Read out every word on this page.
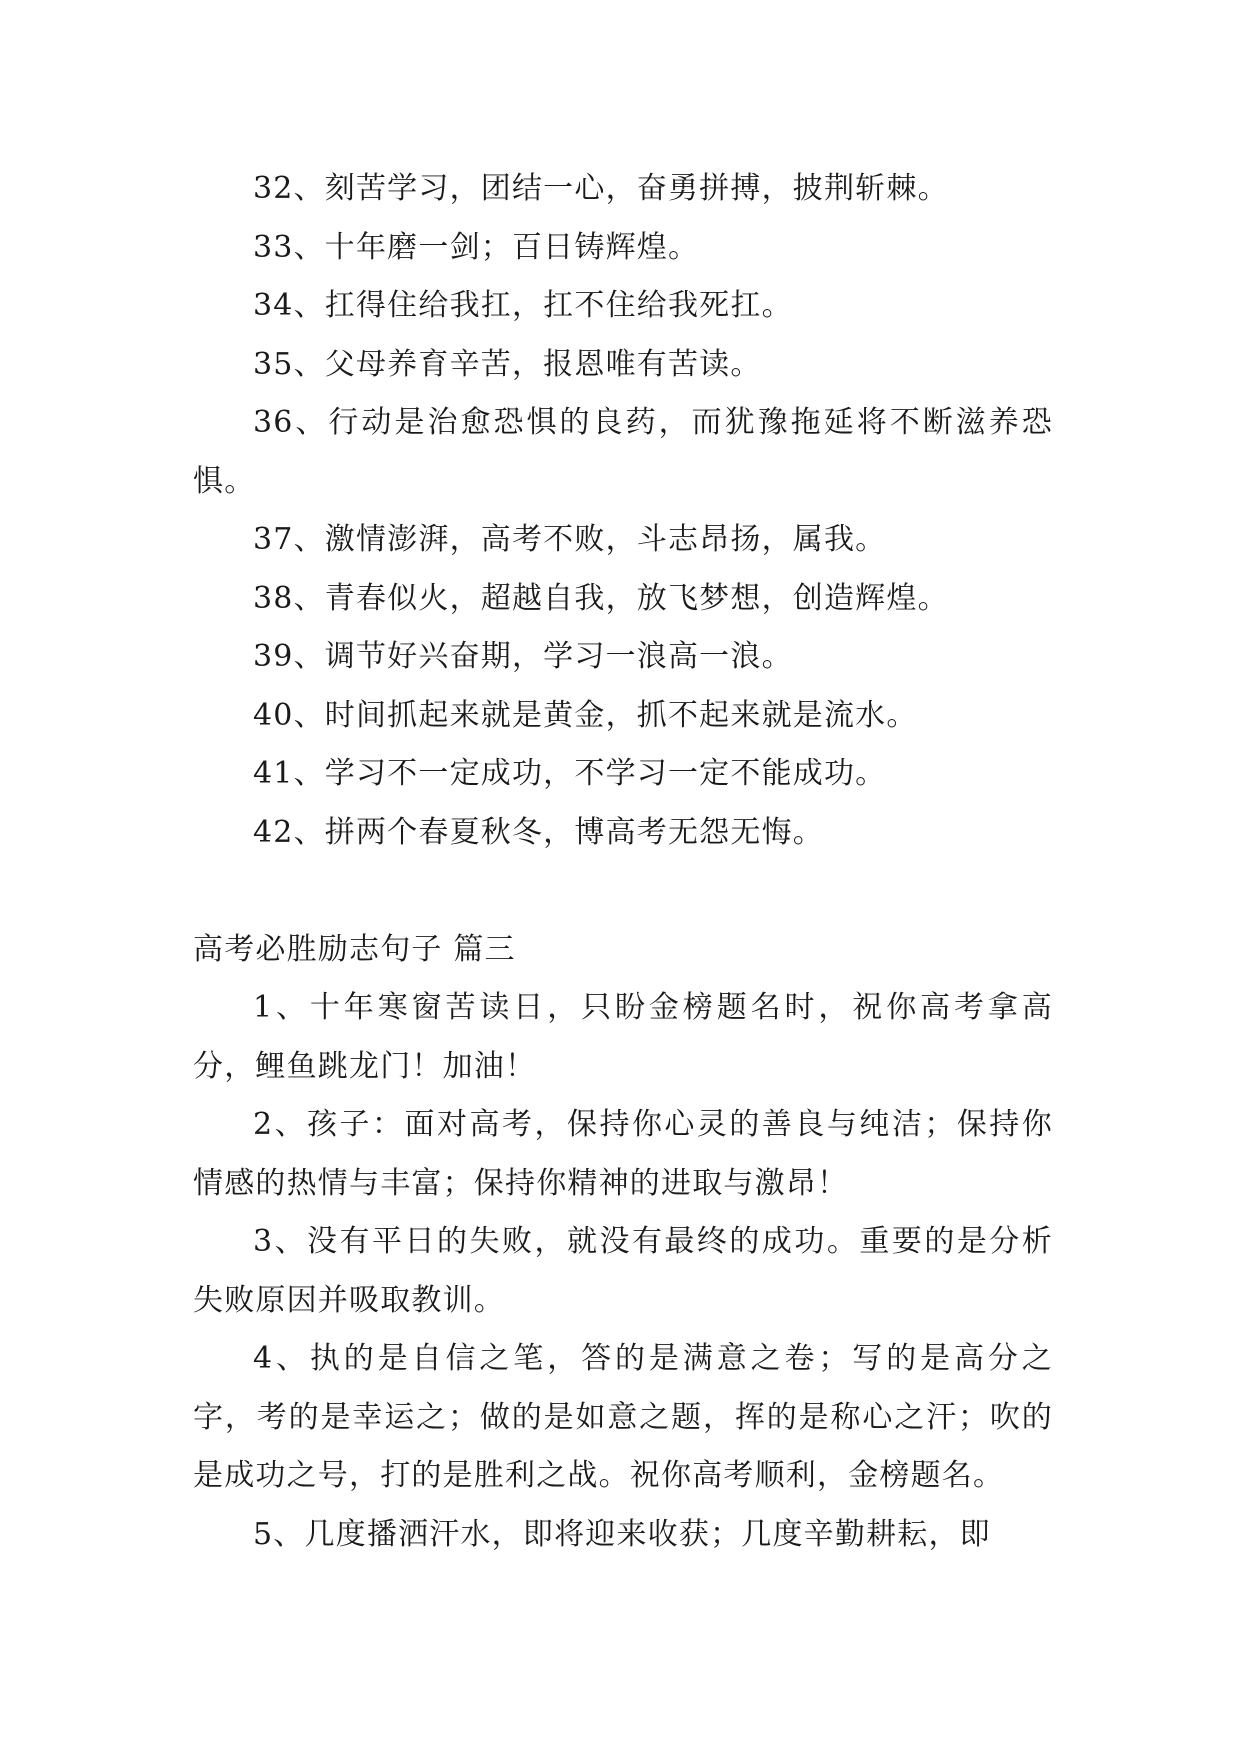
32、刻苦学习，团结一心，奋勇拼搏，披荆斩棘。

33、十年磨一剑；百日铸辉煌。

34、扛得住给我扛，扛不住给我死扛。

35、父母养育辛苦，报恩唯有苦读。

36、行动是治愈恐惧的良药，而犹豫拖延将不断滋养恐惧。

37、激情澎湃，高考不败，斗志昂扬，属我。

38、青春似火，超越自我，放飞梦想，创造辉煌。

39、调节好兴奋期，学习一浪高一浪。

40、时间抓起来就是黄金，抓不起来就是流水。

41、学习不一定成功，不学习一定不能成功。

42、拼两个春夏秋冬，博高考无怨无悔。

高考必胜励志句子 篇三

1、十年寒窗苦读日，只盼金榜题名时，祝你高考拿高分，鲤鱼跳龙门！加油！

2、孩子：面对高考，保持你心灵的善良与纯洁；保持你情感的热情与丰富；保持你精神的进取与激昂！

3、没有平日的失败，就没有最终的成功。重要的是分析失败原因并吸取教训。

4、执的是自信之笔，答的是满意之卷；写的是高分之字，考的是幸运之；做的是如意之题，挥的是称心之汗；吹的是成功之号，打的是胜利之战。祝你高考顺利，金榜题名。

5、几度播洒汗水，即将迎来收获；几度辛勤耕耘，即
